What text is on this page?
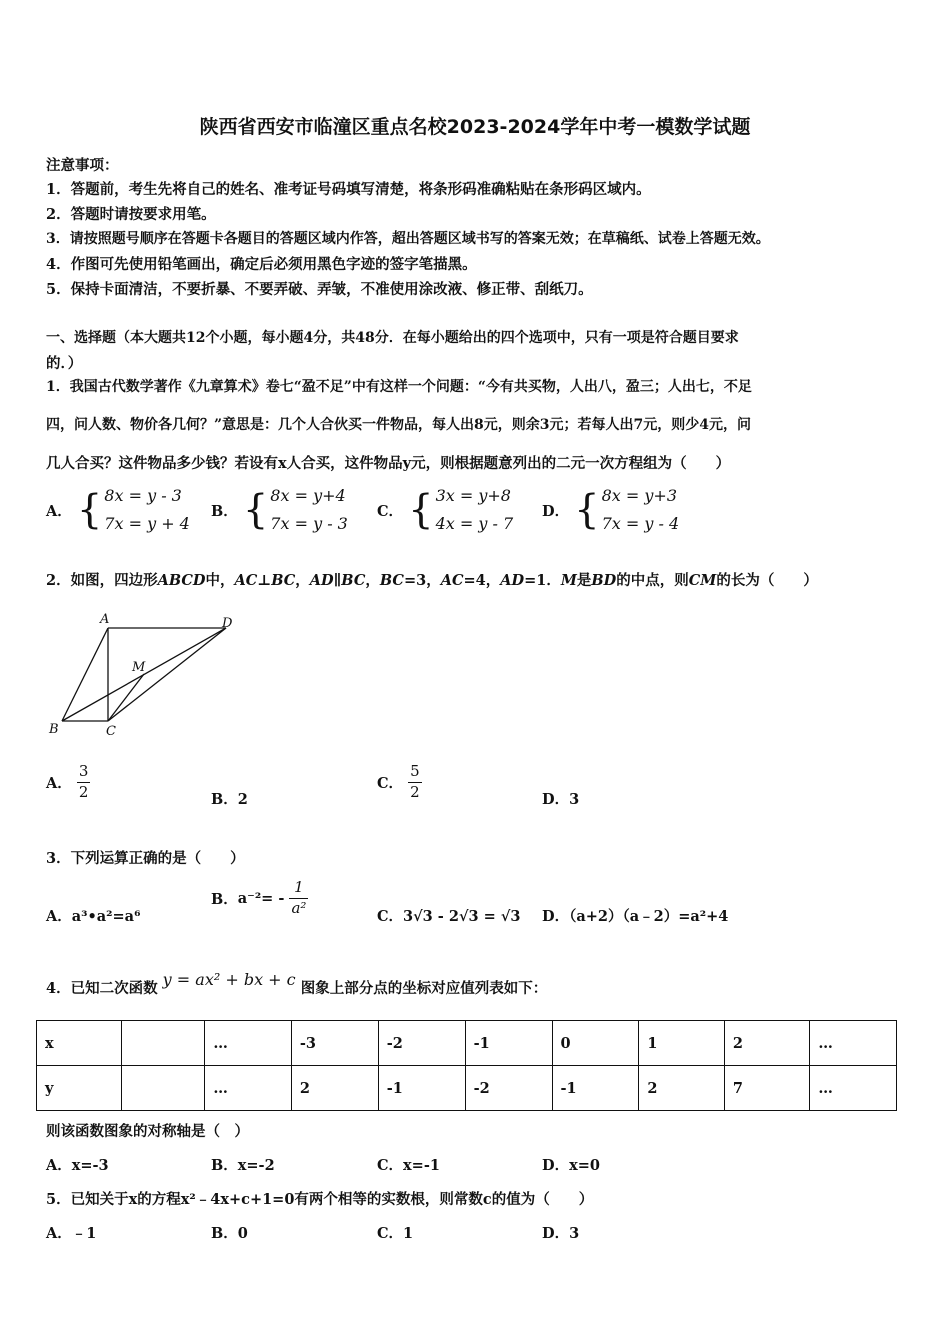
陕西省西安市临潼区重点名校2023-2024学年中考一模数学试题
注意事项：
1．答题前，考生先将自己的姓名、准考证号码填写清楚，将条形码准确粘贴在条形码区域内。
2．答题时请按要求用笔。
3．请按照题号顺序在答题卡各题目的答题区域内作答，超出答题区域书写的答案无效；在草稿纸、试卷上答题无效。
4．作图可先使用铅笔画出，确定后必须用黑色字迹的签字笔描黑。
5．保持卡面清洁，不要折暴、不要弄破、弄皱，不准使用涂改液、修正带、刮纸刀。
一、选择题（本大题共12个小题，每小题4分，共48分．在每小题给出的四个选项中，只有一项是符合题目要求
的．）
1．我国古代数学著作《九章算术》卷七“盈不足”中有这样一个问题：“今有共买物，人出八，盈三；人出七，不足
四，问人数、物价各几何？”意思是：几个人合伙买一件物品，每人出8元，则余3元；若每人出7元，则少4元，问
几人合买？这件物品多少钱？若设有x人合买，这件物品y元，则根据题意列出的二元一次方程组为（　　）
A． { 8x = y - 3
7x = y + 4
B． { 8x = y+4
7x = y - 3
C． { 3x = y+8
4x = y - 7
D． { 8x = y+3
7x = y - 4
2．如图，四边形ABCD中，AC⊥BC，AD∥BC，BC=3，AC=4，AD=1．M是BD的中点，则CM的长为（　　）
A	D
M
B	C
A． $\frac{3}{2}$	B．2
C． $\frac{5}{2}$	D．3
3．下列运算正确的是（　　）
A．a³•a²=a⁶
B．$a^{-2}= - \frac{1}{\text{a²}}$	C．3√3 - 2√3 = √3 D．（a+2）（a﹣2）=a²+4
4．已知二次函数 y = ax² + bx + c 图象上部分点的坐标对应值列表如下：
x		…	-3	-2	-1	0	1	2	…
y		…	2	-1	-2	-1	2	7	…
则该函数图象的对称轴是（　）
A．x=-3	B．x=-2	C．x=-1	D．x=0
5．已知关于x的方程x²﹣4x+c+1=0有两个相等的实数根，则常数c的值为（　　）
A．﹣1	B．0	C．1	D．3
